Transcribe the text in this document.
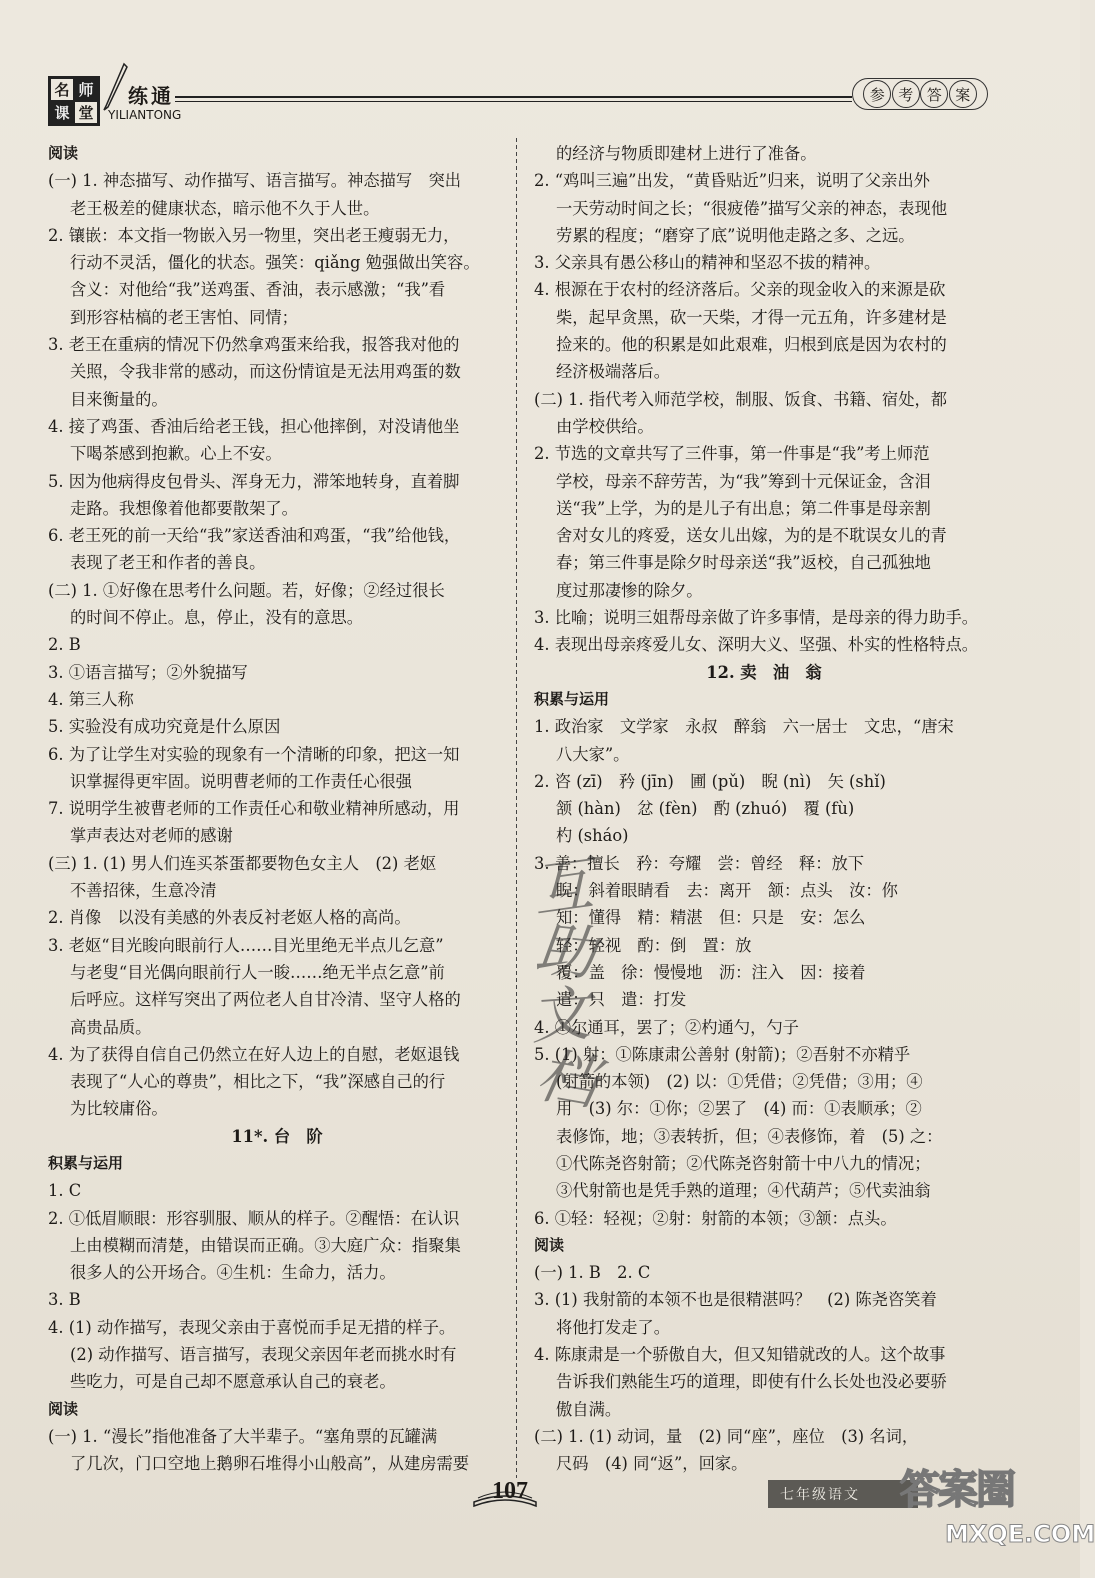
名 师
课 堂
练通
YILIANTONG
参 考 答 案
阅读
(一) 1. 神态描写、动作描写、语言描写。神态描写　突出
老王极差的健康状态，暗示他不久于人世。
2. 镶嵌：本文指一物嵌入另一物里，突出老王瘦弱无力，
行动不灵活，僵化的状态。强笑：qiǎng 勉强做出笑容。
含义：对他给“我”送鸡蛋、香油，表示感激；“我”看
到形容枯槁的老王害怕、同情；
3. 老王在重病的情况下仍然拿鸡蛋来给我，报答我对他的
关照，令我非常的感动，而这份情谊是无法用鸡蛋的数
目来衡量的。
4. 接了鸡蛋、香油后给老王钱，担心他摔倒，对没请他坐
下喝茶感到抱歉。心上不安。
5. 因为他病得皮包骨头、浑身无力，滞笨地转身，直着脚
走路。我想像着他都要散架了。
6. 老王死的前一天给“我”家送香油和鸡蛋，“我”给他钱，
表现了老王和作者的善良。
(二) 1. ①好像在思考什么问题。若，好像；②经过很长
的时间不停止。息，停止，没有的意思。
2. B
3. ①语言描写；②外貌描写
4. 第三人称
5. 实验没有成功究竟是什么原因
6. 为了让学生对实验的现象有一个清晰的印象，把这一知
识掌握得更牢固。说明曹老师的工作责任心很强
7. 说明学生被曹老师的工作责任心和敬业精神所感动，用
掌声表达对老师的感谢
(三) 1. (1) 男人们连买茶蛋都要物色女主人　(2) 老妪
不善招徕，生意冷清
2. 肖像　以没有美感的外表反衬老妪人格的高尚。
3. 老妪“目光睃向眼前行人……目光里绝无半点儿乞意”
与老叟“目光偶向眼前行人一睃……绝无半点乞意”前
后呼应。这样写突出了两位老人自甘冷清、坚守人格的
高贵品质。
4. 为了获得自信自己仍然立在好人边上的自慰，老妪退钱
表现了“人心的尊贵”，相比之下，“我”深感自己的行
为比较庸俗。
11*. 台　阶
积累与运用
1. C
2. ①低眉顺眼：形容驯服、顺从的样子。②醒悟：在认识
上由模糊而清楚，由错误而正确。③大庭广众：指聚集
很多人的公开场合。④生机：生命力，活力。
3. B
4. (1) 动作描写，表现父亲由于喜悦而手足无措的样子。
(2) 动作描写、语言描写，表现父亲因年老而挑水时有
些吃力，可是自己却不愿意承认自己的衰老。
阅读
(一) 1. “漫长”指他准备了大半辈子。“塞角票的瓦罐满
了几次，门口空地上鹅卵石堆得小山般高”，从建房需要
的经济与物质即建材上进行了准备。
2. “鸡叫三遍”出发，“黄昏贴近”归来，说明了父亲出外
一天劳动时间之长；“很疲倦”描写父亲的神态，表现他
劳累的程度；“磨穿了底”说明他走路之多、之远。
3. 父亲具有愚公移山的精神和坚忍不拔的精神。
4. 根源在于农村的经济落后。父亲的现金收入的来源是砍
柴，起早贪黑，砍一天柴，才得一元五角，许多建材是
捡来的。他的积累是如此艰难，归根到底是因为农村的
经济极端落后。
(二) 1. 指代考入师范学校，制服、饭食、书籍、宿处，都
由学校供给。
2. 节选的文章共写了三件事，第一件事是“我”考上师范
学校，母亲不辞劳苦，为“我”筹到十元保证金，含泪
送“我”上学，为的是儿子有出息；第二件事是母亲割
舍对女儿的疼爱，送女儿出嫁，为的是不耽误女儿的青
春；第三件事是除夕时母亲送“我”返校，自己孤独地
度过那凄惨的除夕。
3. 比喻；说明三姐帮母亲做了许多事情，是母亲的得力助手。
4. 表现出母亲疼爱儿女、深明大义、坚强、朴实的性格特点。
12. 卖　油　翁
积累与运用
1. 政治家　文学家　永叔　醉翁　六一居士　文忠，“唐宋
八大家”。
2. 咨 (zī)　矜 (jīn)　圃 (pǔ)　睨 (nì)　矢 (shǐ)
颔 (hàn)　忿 (fèn)　酌 (zhuó)　覆 (fù)
杓 (sháo)
3. 善：擅长　矜：夸耀　尝：曾经　释：放下
睨：斜着眼睛看　去：离开　颔：点头　汝：你
知：懂得　精：精湛　但：只是　安：怎么
轻：轻视　酌：倒　置：放
覆：盖　徐：慢慢地　沥：注入　因：接着
遣：只　遣：打发
4. ①尔通耳，罢了；②杓通勺，勺子
5. (1) 射：①陈康肃公善射 (射箭)；②吾射不亦精乎
(射箭的本领)　(2) 以：①凭借；②凭借；③用；④
用　(3) 尔：①你；②罢了　(4) 而：①表顺承；②
表修饰，地；③表转折，但；④表修饰，着　(5) 之：
①代陈尧咨射箭；②代陈尧咨射箭十中八九的情况；
③代射箭也是凭手熟的道理；④代葫芦；⑤代卖油翁
6. ①轻：轻视；②射：射箭的本领；③颔：点头。
阅读
(一) 1. B　2. C
3. (1) 我射箭的本领不也是很精湛吗？　(2) 陈尧咨笑着
将他打发走了。
4. 陈康肃是一个骄傲自大，但又知错就改的人。这个故事
告诉我们熟能生巧的道理，即使有什么长处也没必要骄
傲自满。
(二) 1. (1) 动词，量　(2) 同“座”，座位　(3) 名词，
尺码　(4) 同“返”，回家。
互
助
文
档
107	七年级语文	答案圈
MXQE.COM
